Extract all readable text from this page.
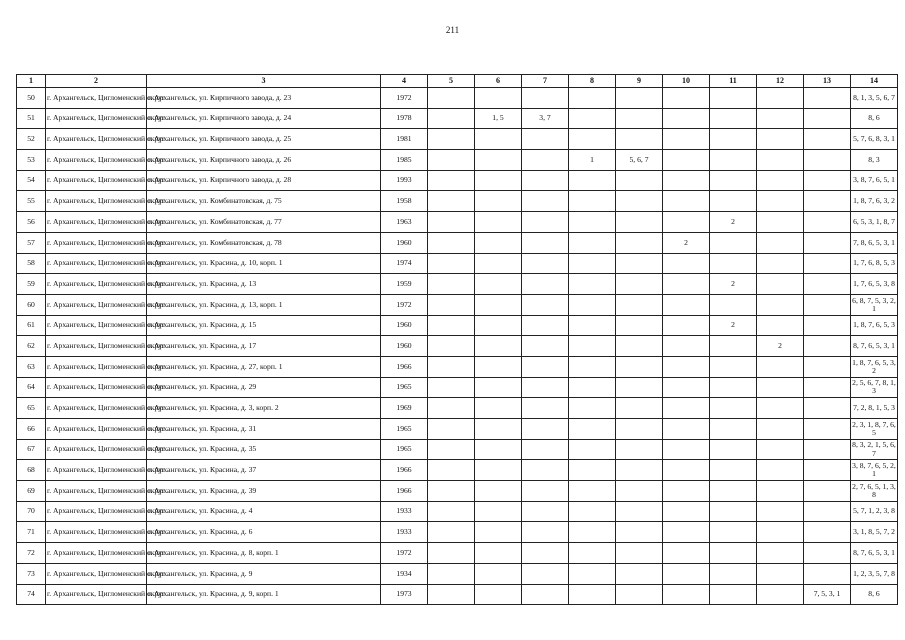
211
1	2	3	4	5	6	7	8	9	10	11	12	13	14
50	г. Архангельск, Цигломенский округ	г. Архангельск, ул. Кирпичного завода, д. 23	1972										8, 1, 3, 5, 6, 7
51	г. Архангельск, Цигломенский округ	г. Архангельск, ул. Кирпичного завода, д. 24	1978		1, 5	3, 7							8, 6
52	г. Архангельск, Цигломенский округ	г. Архангельск, ул. Кирпичного завода, д. 25	1981										5, 7, 6, 8, 3, 1
53	г. Архангельск, Цигломенский округ	г. Архангельск, ул. Кирпичного завода, д. 26	1985				1	5, 6, 7					8, 3
54	г. Архангельск, Цигломенский округ	г. Архангельск, ул. Кирпичного завода, д. 28	1993										3, 8, 7, 6, 5, 1
55	г. Архангельск, Цигломенский округ	г. Архангельск, ул. Комбинатовская, д. 75	1958										1, 8, 7, 6, 3, 2
56	г. Архангельск, Цигломенский округ	г. Архангельск, ул. Комбинатовская, д. 77	1963							2			6, 5, 3, 1, 8, 7
57	г. Архангельск, Цигломенский округ	г. Архангельск, ул. Комбинатовская, д. 78	1960						2				7, 8, 6, 5, 3, 1
58	г. Архангельск, Цигломенский округ	г. Архангельск, ул. Красина, д. 10, корп. 1	1974										1, 7, 6, 8, 5, 3
59	г. Архангельск, Цигломенский округ	г. Архангельск, ул. Красина, д. 13	1959							2			1, 7, 6, 5, 3, 8
60	г. Архангельск, Цигломенский округ	г. Архангельск, ул. Красина, д. 13, корп. 1	1972										6, 8, 7, 5, 3, 2, 1
61	г. Архангельск, Цигломенский округ	г. Архангельск, ул. Красина, д. 15	1960							2			1, 8, 7, 6, 5, 3
62	г. Архангельск, Цигломенский округ	г. Архангельск, ул. Красина, д. 17	1960								2		8, 7, 6, 5, 3, 1
63	г. Архангельск, Цигломенский округ	г. Архангельск, ул. Красина, д. 27, корп. 1	1966										1, 8, 7, 6, 5, 3, 2
64	г. Архангельск, Цигломенский округ	г. Архангельск, ул. Красина, д. 29	1965										2, 5, 6, 7, 8, 1, 3
65	г. Архангельск, Цигломенский округ	г. Архангельск, ул. Красина, д. 3, корп. 2	1969										7, 2, 8, 1, 5, 3
66	г. Архангельск, Цигломенский округ	г. Архангельск, ул. Красина, д. 31	1965										2, 3, 1, 8, 7, 6, 5
67	г. Архангельск, Цигломенский округ	г. Архангельск, ул. Красина, д. 35	1965										8, 3, 2, 1, 5, 6, 7
68	г. Архангельск, Цигломенский округ	г. Архангельск, ул. Красина, д. 37	1966										3, 8, 7, 6, 5, 2, 1
69	г. Архангельск, Цигломенский округ	г. Архангельск, ул. Красина, д. 39	1966										2, 7, 6, 5, 1, 3, 8
70	г. Архангельск, Цигломенский округ	г. Архангельск, ул. Красина, д. 4	1933										5, 7, 1, 2, 3, 8
71	г. Архангельск, Цигломенский округ	г. Архангельск, ул. Красина, д. 6	1933										3, 1, 8, 5, 7, 2
72	г. Архангельск, Цигломенский округ	г. Архангельск, ул. Красина, д. 8, корп. 1	1972										8, 7, 6, 5, 3, 1
73	г. Архангельск, Цигломенский округ	г. Архангельск, ул. Красина, д. 9	1934										1, 2, 3, 5, 7, 8
74	г. Архангельск, Цигломенский округ	г. Архангельск, ул. Красина, д. 9, корп. 1	1973									7, 5, 3, 1	8, 6
